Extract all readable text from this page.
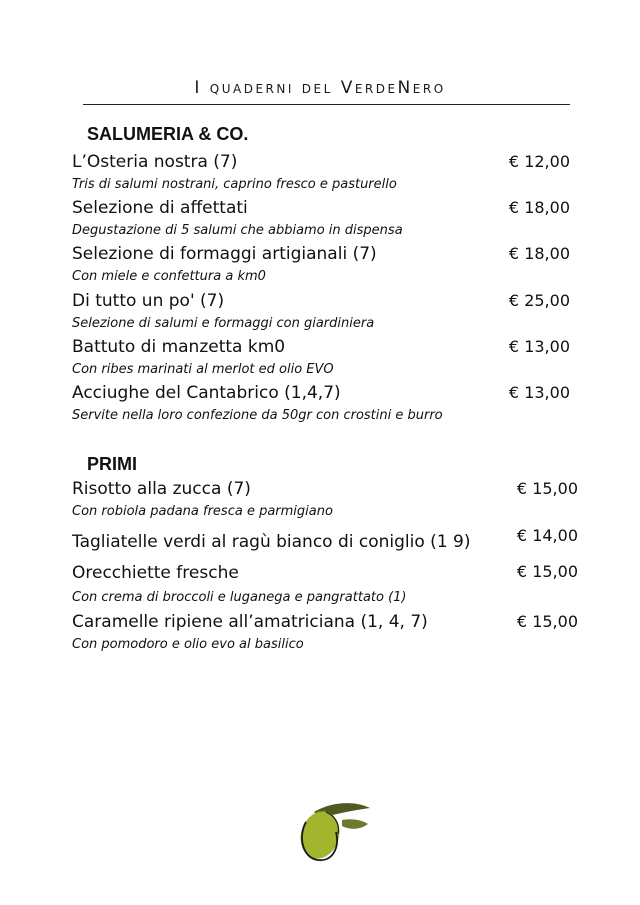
I quaderni del VerdeNero
SALUMERIA & CO.
L’Osteria nostra (7)	€ 12,00
Tris di salumi nostrani, caprino fresco e pasturello
Selezione di affettati	€ 18,00
Degustazione di 5 salumi che abbiamo in dispensa
Selezione di formaggi artigianali (7)	€ 18,00
Con miele e confettura a km0
Di tutto un po' (7)	€ 25,00
Selezione di salumi e formaggi con giardiniera
Battuto di manzetta km0	€ 13,00
Con ribes marinati al merlot ed olio EVO
Acciughe del Cantabrico (1,4,7)	€ 13,00
Servite nella loro confezione da 50gr con crostini e burro
PRIMI
Risotto alla zucca (7)	€ 15,00
Con robiola padana fresca e parmigiano
Tagliatelle verdi al ragù bianco di coniglio (1 9)	€ 14,00
Orecchiette fresche	€ 15,00
Con crema di broccoli e luganega e pangrattato (1)
Caramelle ripiene all’amatriciana (1, 4, 7)	€ 15,00
Con pomodoro e olio evo al basilico
